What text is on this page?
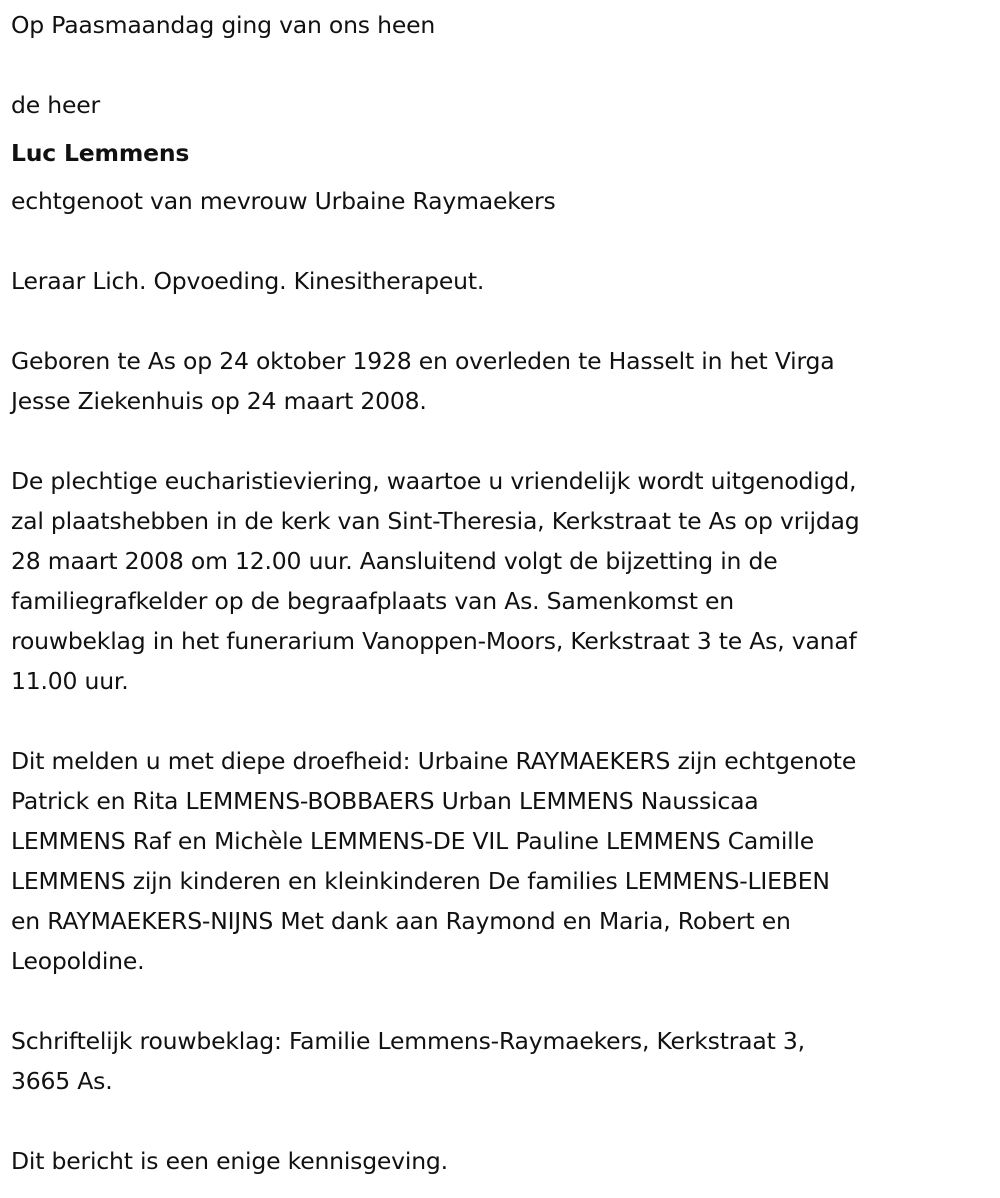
Op Paasmaandag ging van ons heen
de heer
Luc Lemmens
echtgenoot van mevrouw Urbaine Raymaekers
Leraar Lich. Opvoeding. Kinesitherapeut.
Geboren te As op 24 oktober 1928 en overleden te Hasselt in het Virga
Jesse Ziekenhuis op 24 maart 2008.
De plechtige eucharistieviering, waartoe u vriendelijk wordt uitgenodigd,
zal plaatshebben in de kerk van Sint-Theresia, Kerkstraat te As op vrijdag
28 maart 2008 om 12.00 uur. Aansluitend volgt de bijzetting in de
familiegrafkelder op de begraafplaats van As. Samenkomst en
rouwbeklag in het funerarium Vanoppen-Moors, Kerkstraat 3 te As, vanaf
11.00 uur.
Dit melden u met diepe droefheid: Urbaine RAYMAEKERS zijn echtgenote
Patrick en Rita LEMMENS-BOBBAERS Urban LEMMENS Naussicaa
LEMMENS Raf en Michèle LEMMENS-DE VIL Pauline LEMMENS Camille
LEMMENS zijn kinderen en kleinkinderen De families LEMMENS-LIEBEN
en RAYMAEKERS-NIJNS Met dank aan Raymond en Maria, Robert en
Leopoldine.
Schriftelijk rouwbeklag: Familie Lemmens-Raymaekers, Kerkstraat 3,
3665 As.
Dit bericht is een enige kennisgeving.
